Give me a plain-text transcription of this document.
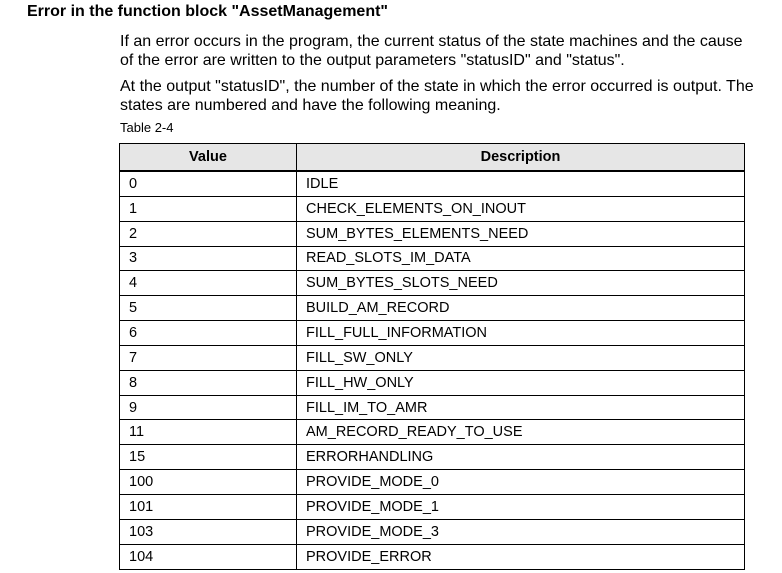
Error in the function block "AssetManagement"

If an error occurs in the program, the current status of the state machines and the cause of the error are written to the output parameters "statusID" and "status".

At the output "statusID", the number of the state in which the error occurred is output. The states are numbered and have the following meaning.

Table 2-4
Value	Description
0	IDLE
1	CHECK_ELEMENTS_ON_INOUT
2	SUM_BYTES_ELEMENTS_NEED
3	READ_SLOTS_IM_DATA
4	SUM_BYTES_SLOTS_NEED
5	BUILD_AM_RECORD
6	FILL_FULL_INFORMATION
7	FILL_SW_ONLY
8	FILL_HW_ONLY
9	FILL_IM_TO_AMR
11	AM_RECORD_READY_TO_USE
15	ERRORHANDLING
100	PROVIDE_MODE_0
101	PROVIDE_MODE_1
103	PROVIDE_MODE_3
104	PROVIDE_ERROR
